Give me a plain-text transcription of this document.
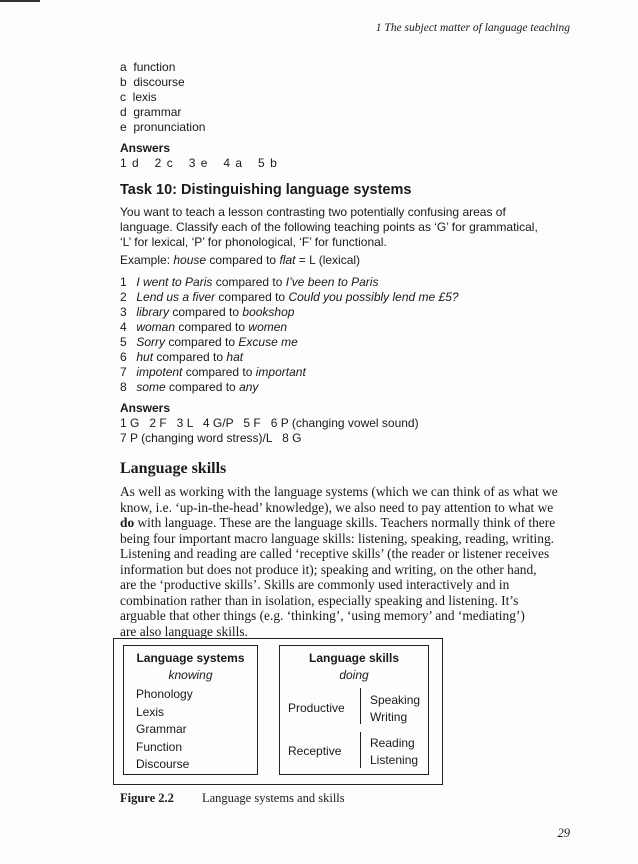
1 The subject matter of language teaching
a function
b discourse
c lexis
d grammar
e pronunciation
Answers
1 d   2 c   3 e   4 a   5 b
Task 10: Distinguishing language systems
You want to teach a lesson contrasting two potentially confusing areas of
language. Classify each of the following teaching points as ‘G’ for grammatical,
‘L’ for lexical, ‘P’ for phonological, ‘F’ for functional.
Example: house compared to flat = L (lexical)
1 I went to Paris compared to I’ve been to Paris
2 Lend us a fiver compared to Could you possibly lend me £5?
3 library compared to bookshop
4 woman compared to women
5 Sorry compared to Excuse me
6 hut compared to hat
7 impotent compared to important
8 some compared to any
Answers
1 G   2 F   3 L   4 G/P   5 F   6 P (changing vowel sound)
7 P (changing word stress)/L   8 G
Language skills
As well as working with the language systems (which we can think of as what we
know, i.e. ‘up-in-the-head’ knowledge), we also need to pay attention to what we
do with language. These are the language skills. Teachers normally think of there
being four important macro language skills: listening, speaking, reading, writing.
Listening and reading are called ‘receptive skills’ (the reader or listener receives
information but does not produce it); speaking and writing, on the other hand,
are the ‘productive skills’. Skills are commonly used interactively and in
combination rather than in isolation, especially speaking and listening. It’s
arguable that other things (e.g. ‘thinking’, ‘using memory’ and ‘mediating’)
are also language skills.
Language systems
knowing
Phonology
Lexis
Grammar
Function
Discourse
Language skills
doing
Productive
Speaking
Writing
Receptive
Reading
Listening
Figure 2.2 Language systems and skills
29
